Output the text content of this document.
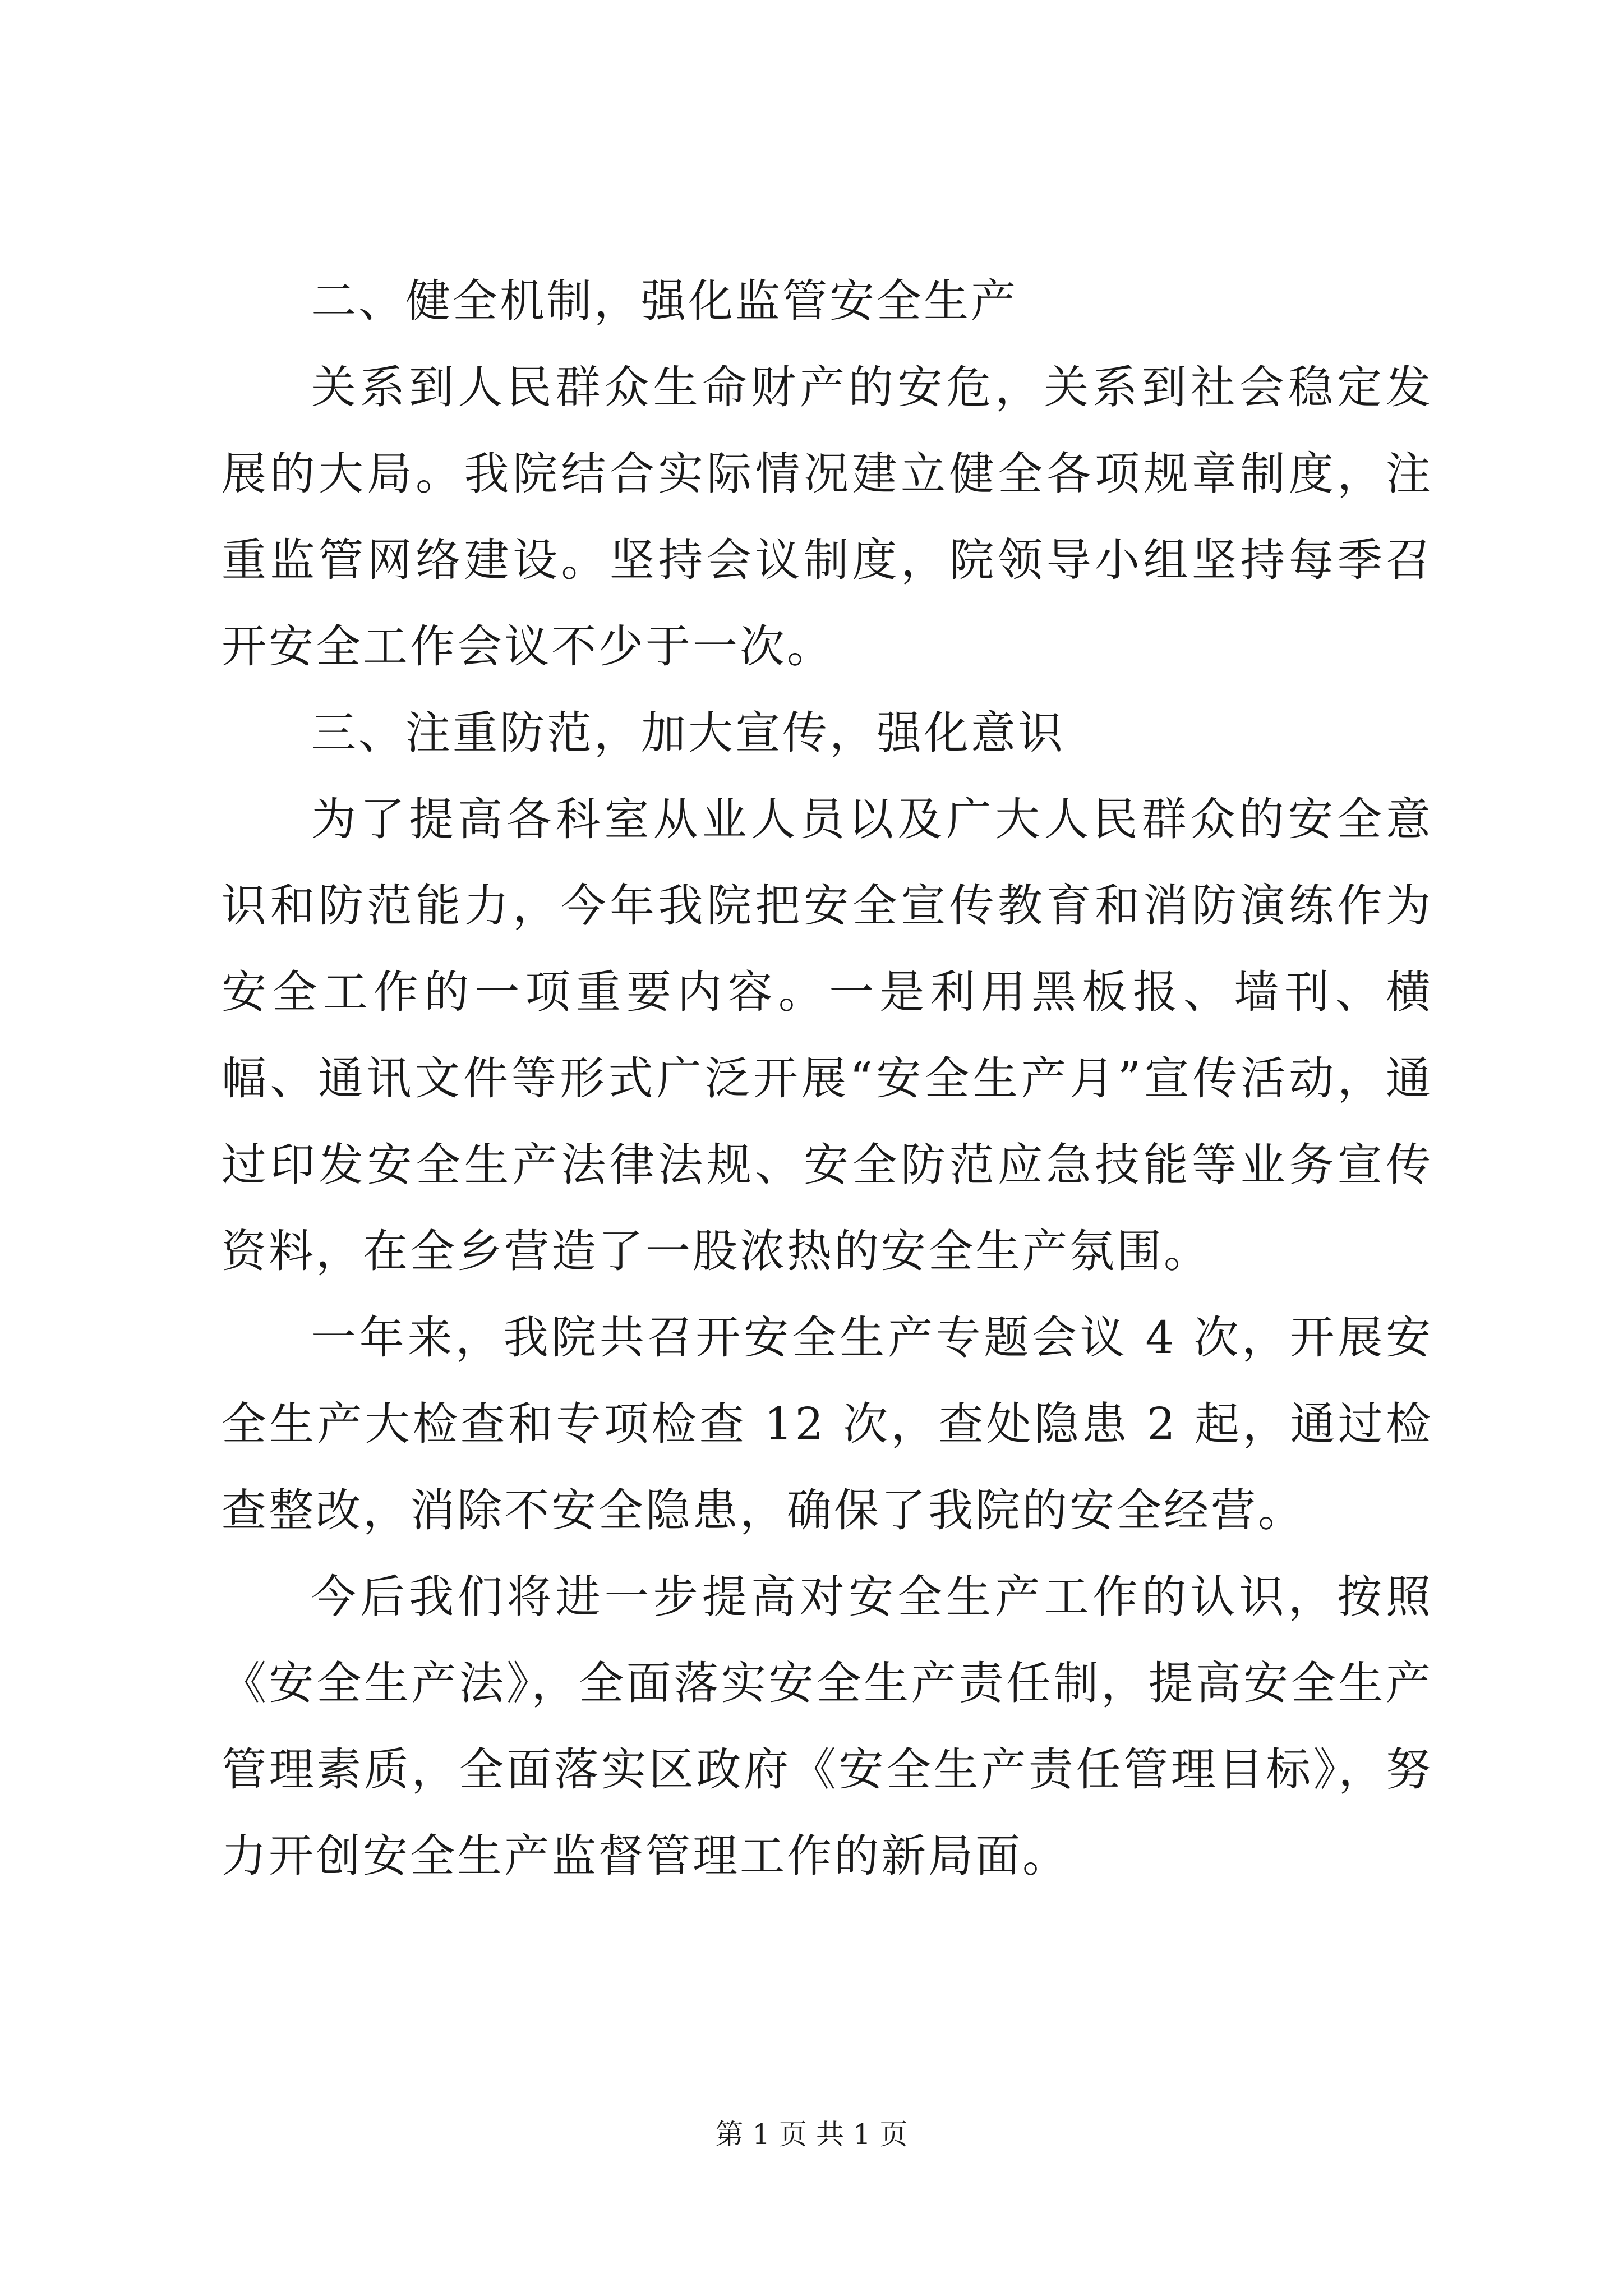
二、健全机制，强化监管安全生产

关系到人民群众生命财产的安危，关系到社会稳定发展的大局。我院结合实际情况建立健全各项规章制度，注重监管网络建设。坚持会议制度，院领导小组坚持每季召开安全工作会议不少于一次。

三、注重防范，加大宣传，强化意识

为了提高各科室从业人员以及广大人民群众的安全意识和防范能力，今年我院把安全宣传教育和消防演练作为安全工作的一项重要内容。一是利用黑板报、墙刊、横幅、通讯文件等形式广泛开展“安全生产月”宣传活动，通过印发安全生产法律法规、安全防范应急技能等业务宣传资料，在全乡营造了一股浓热的安全生产氛围。

一年来，我院共召开安全生产专题会议 4 次，开展安全生产大检查和专项检查 12 次，查处隐患 2 起，通过检查整改，消除不安全隐患，确保了我院的安全经营。

今后我们将进一步提高对安全生产工作的认识，按照《安全生产法》，全面落实安全生产责任制，提高安全生产管理素质，全面落实区政府《安全生产责任管理目标》，努力开创安全生产监督管理工作的新局面。

第 1 页 共 1 页
